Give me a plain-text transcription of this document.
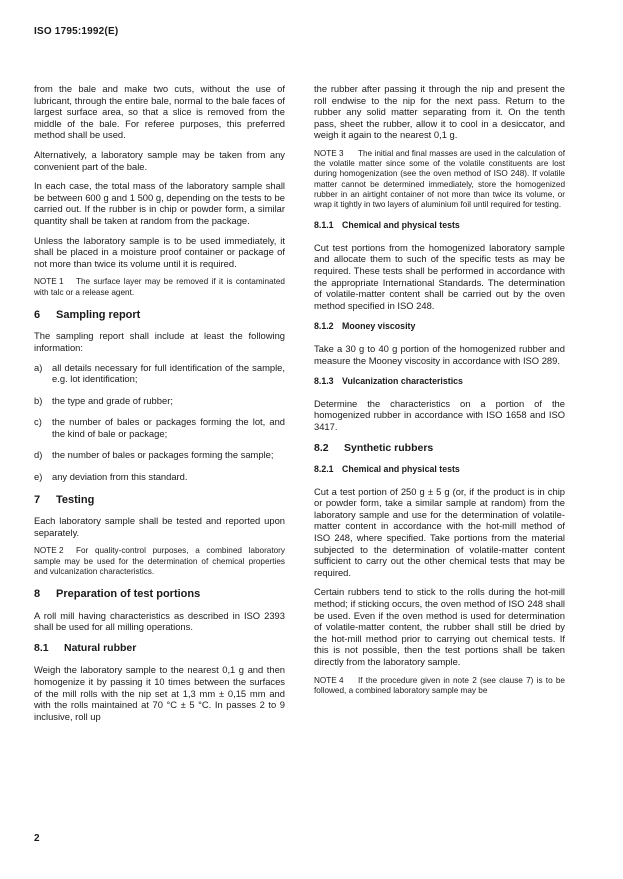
ISO 1795:1992(E)

from the bale and make two cuts, without the use of lubricant, through the entire bale, normal to the bale faces of largest surface area, so that a slice is removed from the middle of the bale. For referee purposes, this preferred method shall be used.

Alternatively, a laboratory sample may be taken from any convenient part of the bale.

In each case, the total mass of the laboratory sample shall be between 600 g and 1 500 g, depending on the tests to be carried out. If the rubber is in chip or powder form, a similar quantity shall be taken at random from the package.

Unless the laboratory sample is to be used immediately, it shall be placed in a moisture proof container or package of not more than twice its volume until it is required.

NOTE 1 The surface layer may be removed if it is contaminated with talc or a release agent.
6 Sampling report

The sampling report shall include at least the following information:

a) all details necessary for full identification of the sample, e.g. lot identification;
b) the type and grade of rubber;
c) the number of bales or packages forming the lot, and the kind of bale or package;
d) the number of bales or packages forming the sample;
e) any deviation from this standard.
7 Testing

Each laboratory sample shall be tested and reported upon separately.

NOTE 2 For quality-control purposes, a combined laboratory sample may be used for the determination of chemical properties and vulcanization characteristics.
8 Preparation of test portions

A roll mill having characteristics as described in ISO 2393 shall be used for all milling operations.

8.1 Natural rubber

Weigh the laboratory sample to the nearest 0,1 g and then homogenize it by passing it 10 times between the surfaces of the mill rolls with the nip set at 1,3 mm ± 0,15 mm and with the rolls maintained at 70 °C ± 5 °C. In passes 2 to 9 inclusive, roll up

the rubber after passing it through the nip and present the roll endwise to the nip for the next pass. Return to the rubber any solid matter separating from it. On the tenth pass, sheet the rubber, allow it to cool in a desiccator, and weigh it again to the nearest 0,1 g.

NOTE 3 The initial and final masses are used in the calculation of the volatile matter since some of the volatile constituents are lost during homogenization (see the oven method of ISO 248). If volatile matter cannot be determined immediately, store the homogenized rubber in an airtight container of not more than twice its volume, or wrap it tightly in two layers of aluminium foil until required for testing.
8.1.1 Chemical and physical tests

Cut test portions from the homogenized laboratory sample and allocate them to such of the specific tests as may be required. These tests shall be performed in accordance with the appropriate International Standards. The determination of volatile-matter content shall be carried out by the oven method specified in ISO 248.

8.1.2 Mooney viscosity

Take a 30 g to 40 g portion of the homogenized rubber and measure the Mooney viscosity in accordance with ISO 289.

8.1.3 Vulcanization characteristics

Determine the characteristics on a portion of the homogenized rubber in accordance with ISO 1658 and ISO 3417.

8.2 Synthetic rubbers
8.2.1 Chemical and physical tests

Cut a test portion of 250 g ± 5 g (or, if the product is in chip or powder form, take a similar sample at random) from the laboratory sample and use for the determination of volatile-matter content in accordance with the hot-mill method of ISO 248, where specified. Take portions from the material subjected to the determination of volatile-matter content sufficient to carry out the other chemical tests that may be required.

Certain rubbers tend to stick to the rolls during the hot-mill method; if sticking occurs, the oven method of ISO 248 shall be used. Even if the oven method is used for determination of volatile-matter content, the rubber shall still be dried by the hot-mill method prior to carrying out chemical tests. If this is not possible, then the test portions shall be taken directly from the laboratory sample.

NOTE 4 If the procedure given in note 2 (see clause 7) is to be followed, a combined laboratory sample may be
2
